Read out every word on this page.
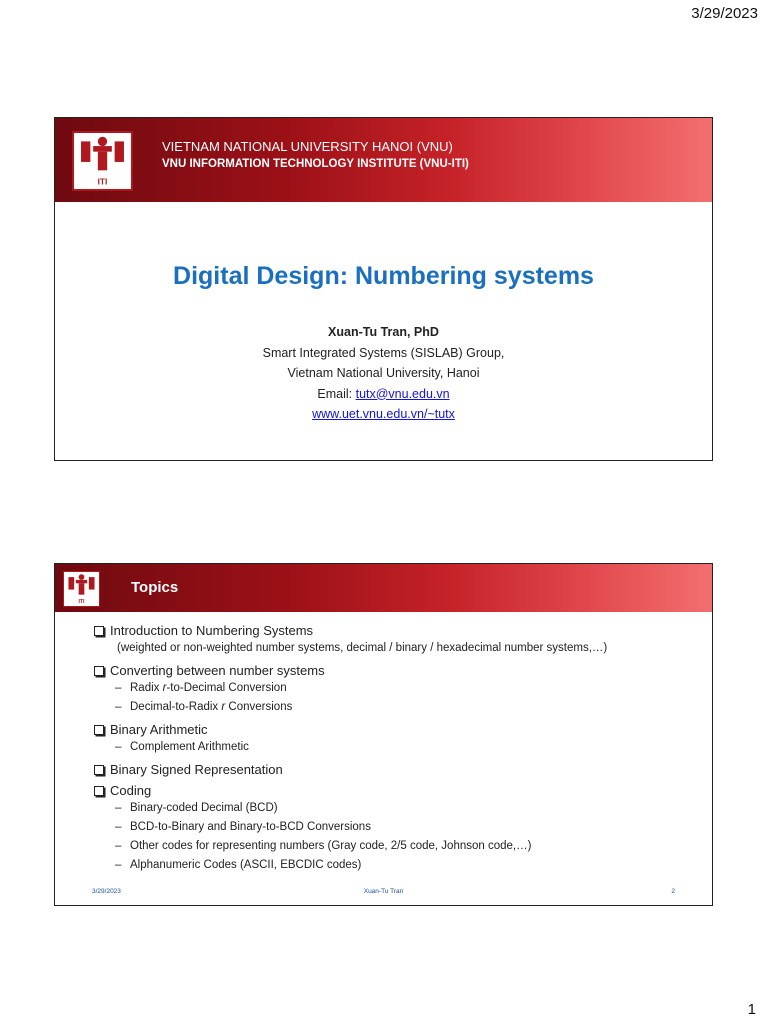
3/29/2023
ITI
VIETNAM NATIONAL UNIVERSITY HANOI (VNU)
VNU INFORMATION TECHNOLOGY INSTITUTE (VNU-ITI)
Digital Design: Numbering systems
Xuan-Tu Tran, PhD
Smart Integrated Systems (SISLAB) Group,
Vietnam National University, Hanoi
Email: tutx@vnu.edu.vn
www.uet.vnu.edu.vn/~tutx
ITI
Topics
Introduction to Numbering Systems
(weighted or non-weighted number systems, decimal / binary / hexadecimal number systems,…)
Converting between number systems
– Radix r-to-Decimal Conversion
– Decimal-to-Radix r Conversions
Binary Arithmetic
– Complement Arithmetic
Binary Signed Representation
Coding
– Binary-coded Decimal (BCD)
– BCD-to-Binary and Binary-to-BCD Conversions
– Other codes for representing numbers (Gray code, 2/5 code, Johnson code,…)
– Alphanumeric Codes (ASCII, EBCDIC codes)
3/29/2023	Xuan-Tu Tran	2
1
